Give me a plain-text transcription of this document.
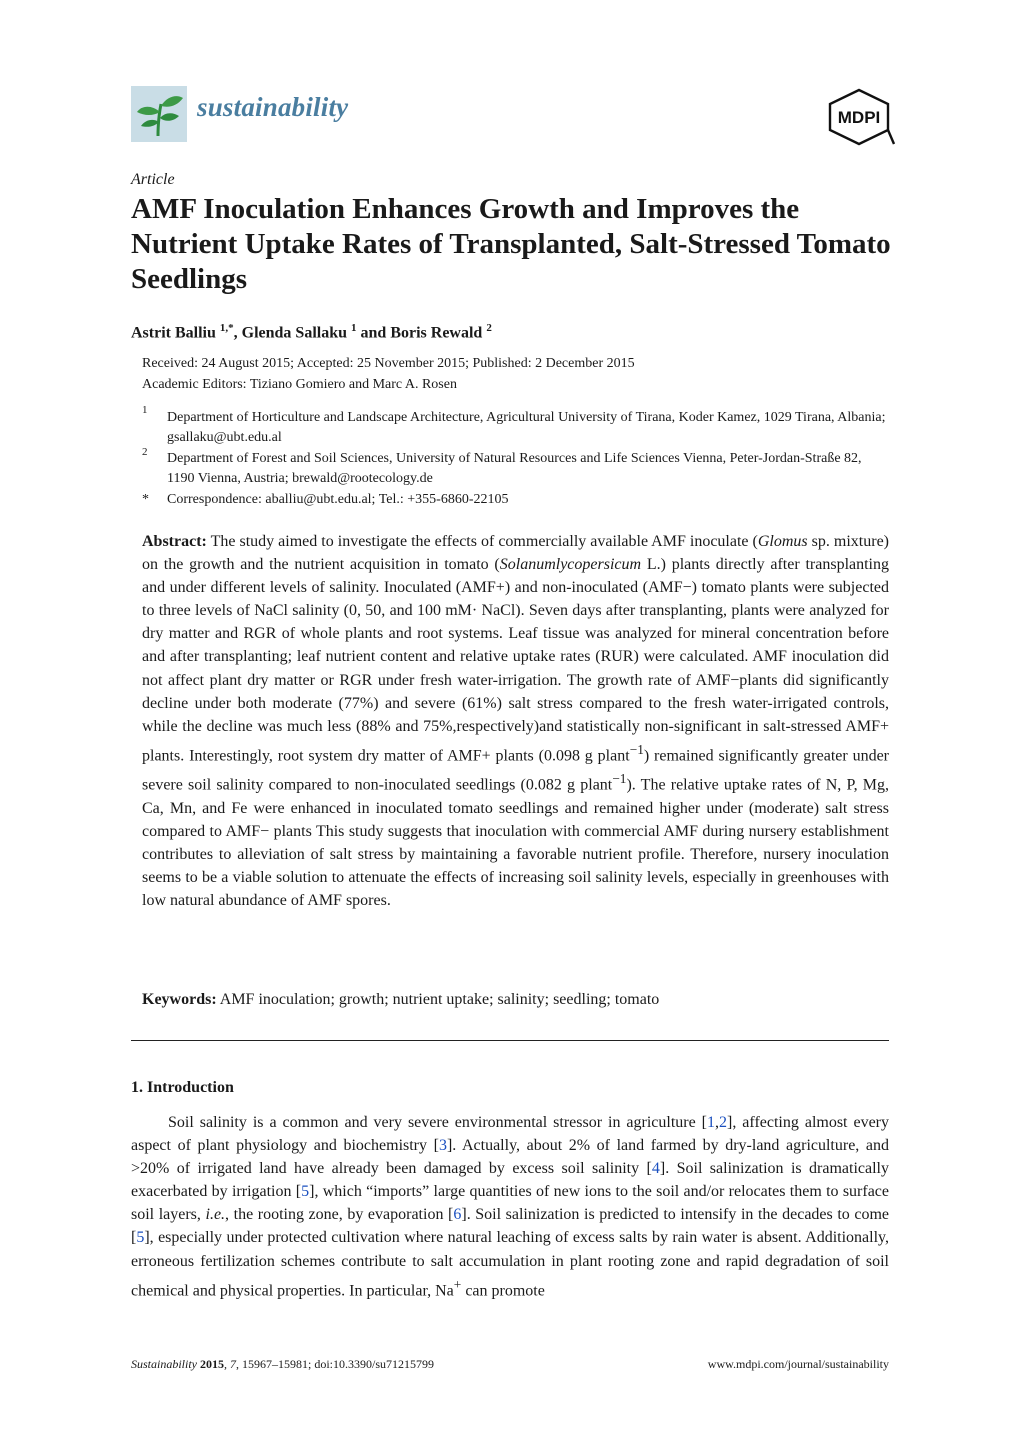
sustainability	MDPI
Article
AMF Inoculation Enhances Growth and Improves the Nutrient Uptake Rates of Transplanted, Salt-Stressed Tomato Seedlings
Astrit Balliu $^{1,*}$, Glenda Sallaku $^1$ and Boris Rewald $^2$
Received: 24 August 2015; Accepted: 25 November 2015; Published: 2 December 2015
Academic Editors: Tiziano Gomiero and Marc A. Rosen
1 Department of Horticulture and Landscape Architecture, Agricultural University of Tirana, Koder Kamez, 1029 Tirana, Albania; gsallaku@ubt.edu.al
2 Department of Forest and Soil Sciences, University of Natural Resources and Life Sciences Vienna, Peter-Jordan-Straße 82, 1190 Vienna, Austria; brewald@rootecology.de
* Correspondence: aballiu@ubt.edu.al; Tel.: +355-6860-22105

Abstract: The study aimed to investigate the effects of commercially available AMF inoculate (Glomus sp. mixture) on the growth and the nutrient acquisition in tomato (Solanumlycopersicum L.) plants directly after transplanting and under different levels of salinity. Inoculated (AMF+) and non-inoculated (AMF−) tomato plants were subjected to three levels of NaCl salinity (0, 50, and 100 mM· NaCl). Seven days after transplanting, plants were analyzed for dry matter and RGR of whole plants and root systems. Leaf tissue was analyzed for mineral concentration before and after transplanting; leaf nutrient content and relative uptake rates (RUR) were calculated. AMF inoculation did not affect plant dry matter or RGR under fresh water-irrigation. The growth rate of AMF−plants did significantly decline under both moderate (77%) and severe (61%) salt stress compared to the fresh water-irrigated controls, while the decline was much less (88% and 75%,respectively)and statistically non-significant in salt-stressed AMF+ plants. Interestingly, root system dry matter of AMF+ plants (0.098 g plant$^{-1}$) remained significantly greater under severe soil salinity compared to non-inoculated seedlings (0.082 g plant$^{-1}$). The relative uptake rates of N, P, Mg, Ca, Mn, and Fe were enhanced in inoculated tomato seedlings and remained higher under (moderate) salt stress compared to AMF− plants This study suggests that inoculation with commercial AMF during nursery establishment contributes to alleviation of salt stress by maintaining a favorable nutrient profile. Therefore, nursery inoculation seems to be a viable solution to attenuate the effects of increasing soil salinity levels, especially in greenhouses with low natural abundance of AMF spores.

Keywords: AMF inoculation; growth; nutrient uptake; salinity; seedling; tomato
1. Introduction

Soil salinity is a common and very severe environmental stressor in agriculture [1,2], affecting almost every aspect of plant physiology and biochemistry [3]. Actually, about 2% of land farmed by dry-land agriculture, and >20% of irrigated land have already been damaged by excess soil salinity [4]. Soil salinization is dramatically exacerbated by irrigation [5], which “imports” large quantities of new ions to the soil and/or relocates them to surface soil layers, i.e., the rooting zone, by evaporation [6]. Soil salinization is predicted to intensify in the decades to come [5], especially under protected cultivation where natural leaching of excess salts by rain water is absent. Additionally, erroneous fertilization schemes contribute to salt accumulation in plant rooting zone and rapid degradation of soil chemical and physical properties. In particular, Na+ can promote

Sustainability 2015, 7, 15967–15981; doi:10.3390/su71215799	www.mdpi.com/journal/sustainability
